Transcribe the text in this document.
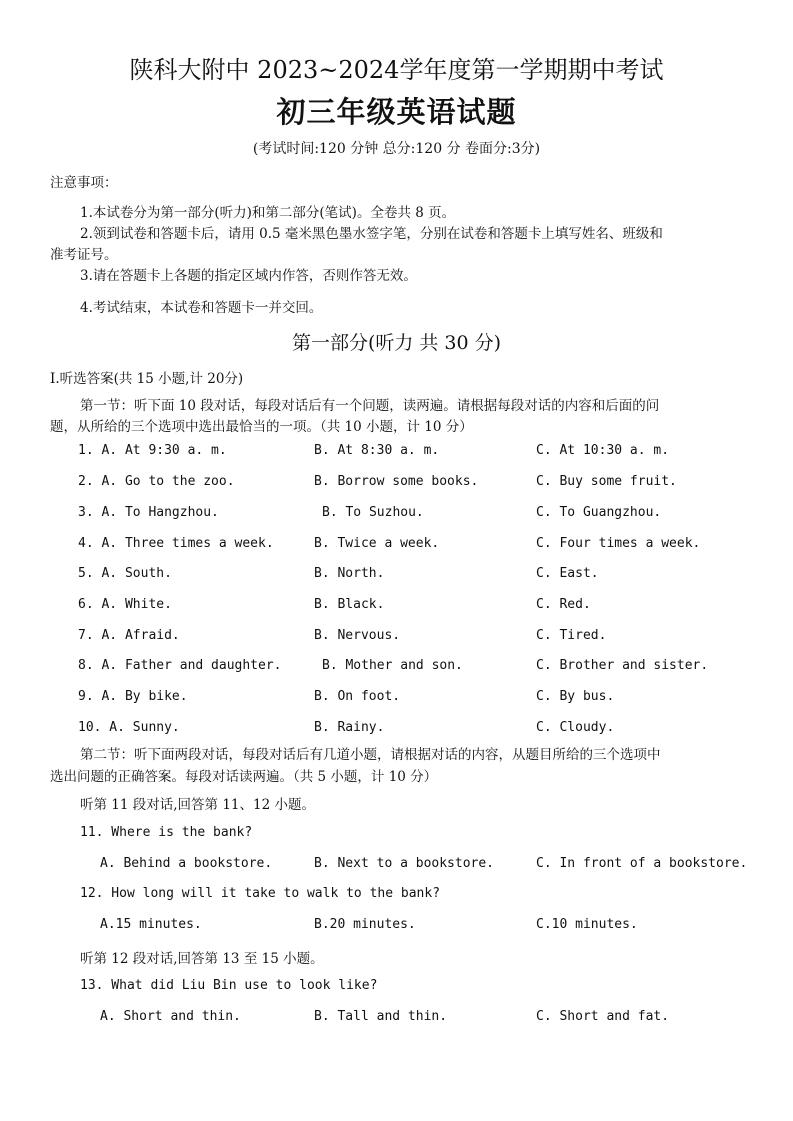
陕科大附中 2023~2024学年度第一学期期中考试
初三年级英语试题
(考试时间:120 分钟 总分:120 分 卷面分:3分)
注意事项：
1.本试卷分为第一部分(听力)和第二部分(笔试)。全卷共 8 页。
2.领到试卷和答题卡后，请用 0.5 毫米黑色墨水签字笔，分别在试卷和答题卡上填写姓名、班级和
准考证号。
3.请在答题卡上各题的指定区域内作答，否则作答无效。
4.考试结束，本试卷和答题卡一并交回。
第一部分(听力 共 30 分)
Ⅰ.听选答案(共 15 小题,计 20分)
第一节：听下面 10 段对话，每段对话后有一个问题，读两遍。请根据每段对话的内容和后面的问
题，从所给的三个选项中选出最恰当的一项。（共 10 小题，计 10 分）
1. A. At 9:30 a. m.	B. At 8:30 a. m.	C. At 10:30 a. m.
2. A. Go to the zoo.	B. Borrow some books.	C. Buy some fruit.
3. A. To Hangzhou.	B. To Suzhou.	C. To Guangzhou.
4. A. Three times a week.	B. Twice a week.	C. Four times a week.
5. A. South.	B. North.	C. East.
6. A. White.	B. Black.	C. Red.
7. A. Afraid.	B. Nervous.	C. Tired.
8. A. Father and daughter.	B. Mother and son.	C. Brother and sister.
9. A. By bike.	B. On foot.	C. By bus.
10. A. Sunny.	B. Rainy.	C. Cloudy.
第二节：听下面两段对话，每段对话后有几道小题，请根据对话的内容，从题目所给的三个选项中
选出问题的正确答案。每段对话读两遍。（共 5 小题，计 10 分）
听第 11 段对话,回答第 11、12 小题。
11. Where is the bank?
A. Behind a bookstore.	B. Next to a bookstore.	C. In front of a bookstore.
12. How long will it take to walk to the bank?
A.15 minutes.	B.20 minutes.	C.10 minutes.
听第 12 段对话,回答第 13 至 15 小题。
13. What did Liu Bin use to look like?
A. Short and thin.	B. Tall and thin.	C. Short and fat.
